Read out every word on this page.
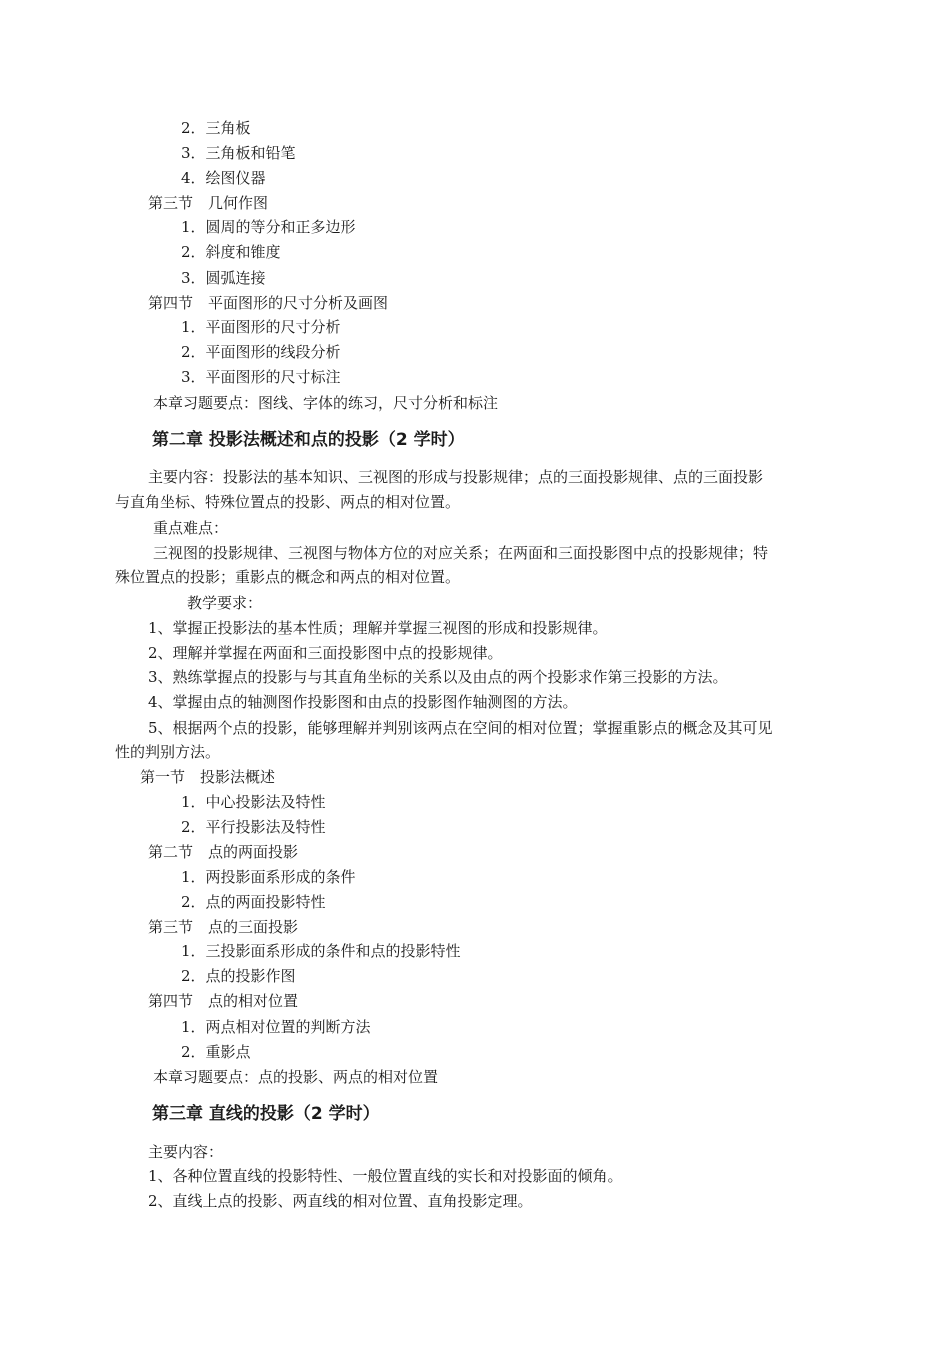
2．三角板
3．三角板和铅笔
4．绘图仪器
第三节　几何作图
1．圆周的等分和正多边形
2．斜度和锥度
3．圆弧连接
第四节　平面图形的尺寸分析及画图
1．平面图形的尺寸分析
2．平面图形的线段分析
3．平面图形的尺寸标注
本章习题要点：图线、字体的练习，尺寸分析和标注
第二章 投影法概述和点的投影（2 学时）
主要内容：投影法的基本知识、三视图的形成与投影规律；点的三面投影规律、点的三面投影
与直角坐标、特殊位置点的投影、两点的相对位置。
重点难点：
三视图的投影规律、三视图与物体方位的对应关系；在两面和三面投影图中点的投影规律；特
殊位置点的投影；重影点的概念和两点的相对位置。
教学要求：
1、掌握正投影法的基本性质；理解并掌握三视图的形成和投影规律。
2、理解并掌握在两面和三面投影图中点的投影规律。
3、熟练掌握点的投影与与其直角坐标的关系以及由点的两个投影求作第三投影的方法。
4、掌握由点的轴测图作投影图和由点的投影图作轴测图的方法。
5、根据两个点的投影，能够理解并判别该两点在空间的相对位置；掌握重影点的概念及其可见
性的判别方法。
第一节　投影法概述
1．中心投影法及特性
2．平行投影法及特性
第二节　点的两面投影
1．两投影面系形成的条件
2．点的两面投影特性
第三节　点的三面投影
1．三投影面系形成的条件和点的投影特性
2．点的投影作图
第四节　点的相对位置
1．两点相对位置的判断方法
2．重影点
本章习题要点：点的投影、两点的相对位置
第三章 直线的投影（2 学时）
主要内容：
1、各种位置直线的投影特性、一般位置直线的实长和对投影面的倾角。
2、直线上点的投影、两直线的相对位置、直角投影定理。
